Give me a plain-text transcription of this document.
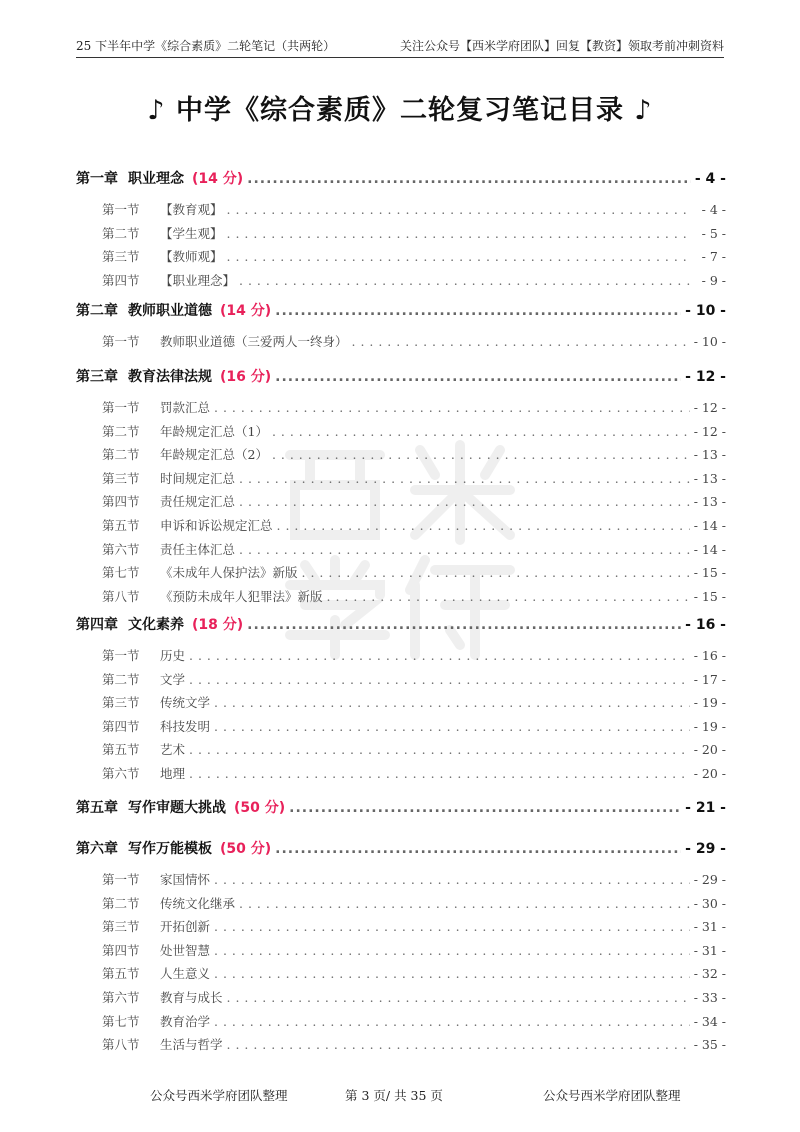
25 下半年中学《综合素质》二轮笔记（共两轮）	关注公众号【西米学府团队】回复【教资】领取考前冲刺资料
♪ 中学《综合素质》二轮复习笔记目录 ♪
第一章 职业理念 (14 分) .....	- 4 -
第一节	【教育观】 . . .	- 4 -
第二节	【学生观】 . . .	- 5 -
第三节	【教师观】 . . .	- 7 -
第四节	【职业理念】 . . .	- 9 -
第二章 教师职业道德 (14 分) .....	- 10 -
第一节	教师职业道德（三爱两人一终身） . . .	- 10 -
第三章 教育法律法规 (16 分) .....	- 12 -
第一节	罚款汇总 . . .	- 12 -
第二节	年龄规定汇总（1） . . .	- 12 -
第二节	年龄规定汇总（2） . . .	- 13 -
第三节	时间规定汇总 . . .	- 13 -
第四节	责任规定汇总 . . .	- 13 -
第五节	申诉和诉讼规定汇总 . . .	- 14 -
第六节	责任主体汇总 . . .	- 14 -
第七节	《未成年人保护法》新版 . . .	- 15 -
第八节	《预防未成年人犯罪法》新版 . . .	- 15 -
第四章 文化素养 (18 分) .....	- 16 -
第一节	历史 . . .	- 16 -
第二节	文学 . . .	- 17 -
第三节	传统文学 . . .	- 19 -
第四节	科技发明 . . .	- 19 -
第五节	艺术 . . .	- 20 -
第六节	地理 . . .	- 20 -
第五章 写作审题大挑战 (50 分) .....	- 21 -
第六章 写作万能模板 (50 分) .....	- 29 -
第一节	家国情怀 . . .	- 29 -
第二节	传统文化继承 . . .	- 30 -
第三节	开拓创新 . . .	- 31 -
第四节	处世智慧 . . .	- 31 -
第五节	人生意义 . . .	- 32 -
第六节	教育与成长 . . .	- 33 -
第七节	教育治学 . . .	- 34 -
第八节	生活与哲学 . . .	- 35 -
公众号西米学府团队整理	第 3 页/ 共 35 页	公众号西米学府团队整理
